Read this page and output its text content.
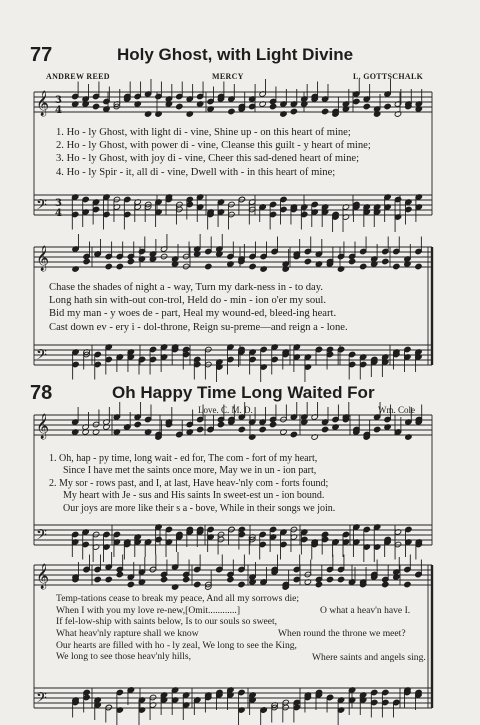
77	Holy Ghost, with Light Divine
ANDREW REED	MERCY	L. GOTTSCHALK
𝄞
𝄢
𝄞
𝄢
𝄞
𝄢
𝄞
𝄢
3
4
3
4
1. Ho - ly Ghost, with light di - vine, Shine up - on this heart of mine;
2. Ho - ly Ghost, with power di - vine, Cleanse this guilt - y heart of mine;
3. Ho - ly Ghost, with joy di - vine, Cheer this sad-dened heart of mine;
4. Ho - ly Spir - it, all di - vine, Dwell with - in this heart of mine;
Chase the shades of night a - way, Turn my dark-ness in - to day.
Long hath sin with-out con-trol, Held do - min - ion o'er my soul.
Bid my man - y woes de - part, Heal my wound-ed, bleed-ing heart.
Cast down ev - ery i - dol-throne, Reign su-preme—and reign a - lone.
78	Oh Happy Time Long Waited For
Love. C. M. D.	Wm. Cole
1. Oh, hap - py time, long wait - ed for, The com - fort of my heart,
Since I have met the saints once more, May we in un - ion part,
2. My sor - rows past, and I, at last, Have heav-'nly com - forts found;
My heart with Je - sus and His saints In sweet-est un - ion bound.
Our joys are more like their s a - bove, While in their songs we join.
Temp-tations cease to break my peace, And all my sorrows die;
When I with you my love re-new,[Omit............]
If fel-low-ship with saints below, Is to our souls so sweet,
What heav'nly rapture shall we know
Our hearts are filled with ho - ly zeal, We long to see the King,
We long to see those heav'nly hills,
O what a heav'n have I.
When round the throne we meet?
Where saints and angels sing.
